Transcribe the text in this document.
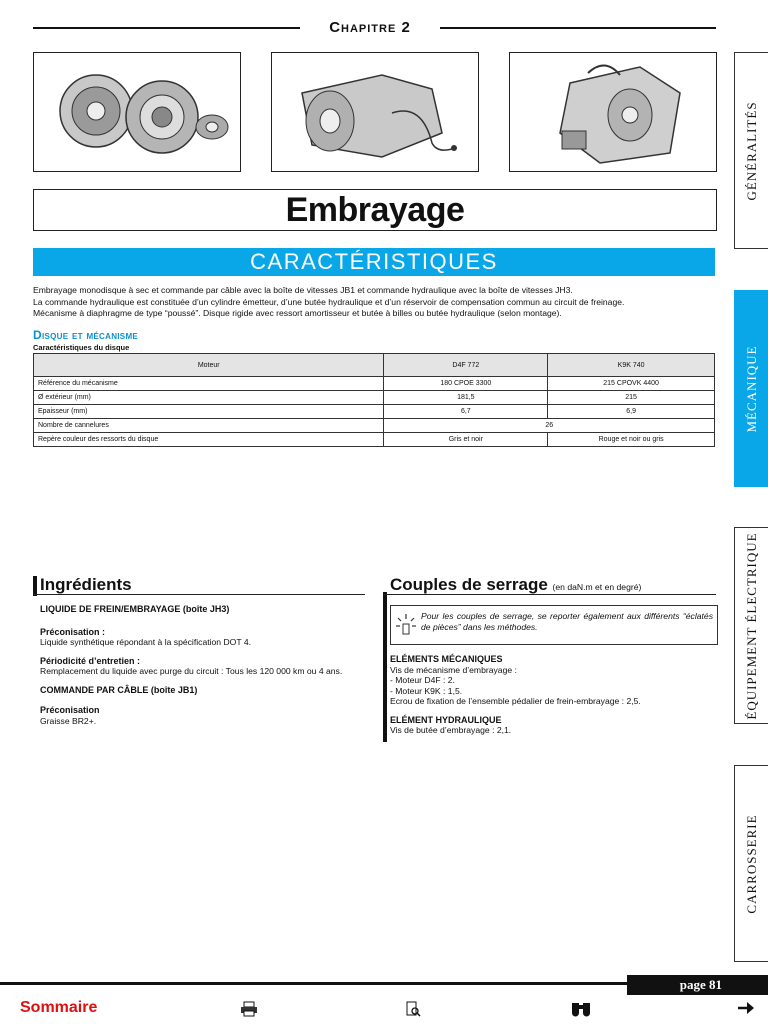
Chapitre 2
Embrayage
CARACTÉRISTIQUES

Embrayage monodisque à sec et commande par câble avec la boîte de vitesses JB1 et commande hydraulique avec la boîte de vitesses JH3.

La commande hydraulique est constituée d’un cylindre émetteur, d’une butée hydraulique et d’un réservoir de compensation commun au circuit de freinage.

Mécanisme à diaphragme de type “poussé”. Disque rigide avec ressort amortisseur et butée à billes ou butée hydraulique (selon montage).

Disque et mécanisme
Caractéristiques du disque
Moteur	D4F 772	K9K 740
Référence du mécanisme	180 CPOE 3300	215 CPOVK 4400
Ø extérieur (mm)	181,5	215
Epaisseur (mm)	6,7	6,9
Nombre de cannelures	26	
Repère couleur des ressorts du disque	Gris et noir	Rouge et noir ou gris
GÉNÉRALITÉS
MÉCANIQUE
ÉQUIPEMENT ÉLECTRIQUE
CARROSSERIE
Ingrédients

LIQUIDE DE FREIN/EMBRAYAGE (boîte JH3)

Préconisation :

Liquide synthétique répondant à la spécification DOT 4.

Périodicité d’entretien :

Remplacement du liquide avec purge du circuit : Tous les 120 000 km ou 4 ans.

COMMANDE PAR CÂBLE (boîte JB1)

Préconisation

Graisse BR2+.

Couples de serrage (en daN.m et en degré)
Pour les couples de serrage, se reporter également aux différents “éclatés de pièces” dans les méthodes.

ELÉMENTS MÉCANIQUES

Vis de mécanisme d’embrayage :

- Moteur D4F : 2.

- Moteur K9K : 1,5.

Ecrou de fixation de l’ensemble pédalier de frein-embrayage : 2,5.

ELÉMENT HYDRAULIQUE

Vis de butée d’embrayage : 2,1.

page 81
Sommaire
